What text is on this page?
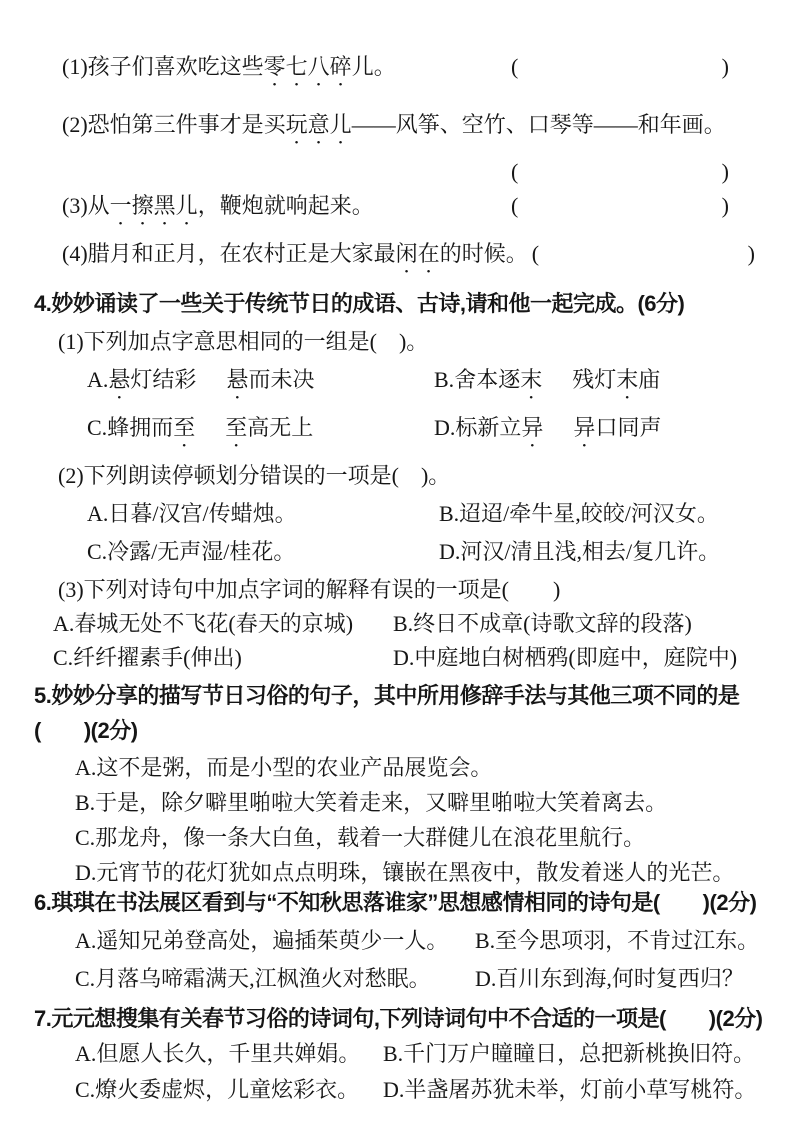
(1)孩子们喜欢吃这些零七八碎儿。	(	)
(2)恐怕第三件事才是买玩意儿——风筝、空竹、口琴等——和年画。
(	)
(3)从一擦黑儿，鞭炮就响起来。	(	)
(4)腊月和正月，在农村正是大家最闲在的时候。 (	)
4.妙妙诵读了一些关于传统节日的成语、古诗,请和他一起完成。(6分)
(1)下列加点字意思相同的一组是(　)。
A.悬灯结彩 悬而未决	B.舍本逐末 残灯末庙
C.蜂拥而至 至高无上	D.标新立异 异口同声
(2)下列朗读停顿划分错误的一项是(　)。
A.日暮/汉宫/传蜡烛。	B.迢迢/牵牛星,皎皎/河汉女。
C.冷露/无声湿/桂花。	D.河汉/清且浅,相去/复几许。
(3)下列对诗句中加点字词的解释有误的一项是(　　)
A.春城无处不飞花(春天的京城) B.终日不成章(诗歌文辞的段落)
C.纤纤擢素手(伸出)	D.中庭地白树栖鸦(即庭中，庭院中)
5.妙妙分享的描写节日习俗的句子，其中所用修辞手法与其他三项不同的是
(　　)(2分)
A.这不是粥，而是小型的农业产品展览会。
B.于是，除夕噼里啪啦大笑着走来，又噼里啪啦大笑着离去。
C.那龙舟，像一条大白鱼，载着一大群健儿在浪花里航行。
D.元宵节的花灯犹如点点明珠，镶嵌在黑夜中，散发着迷人的光芒。
6.琪琪在书法展区看到与“不知秋思落谁家”思想感情相同的诗句是(　　)(2分)
A.遥知兄弟登高处，遍插茱萸少一人。 B.至今思项羽，不肯过江东。
C.月落乌啼霜满天,江枫渔火对愁眠。 D.百川东到海,何时复西归？
7.元元想搜集有关春节习俗的诗词句,下列诗词句中不合适的一项是(　　)(2分)
A.但愿人长久，千里共婵娟。 B.千门万户瞳瞳日，总把新桃换旧符。
C.燎火委虚烬，儿童炫彩衣。 D.半盏屠苏犹未举，灯前小草写桃符。
